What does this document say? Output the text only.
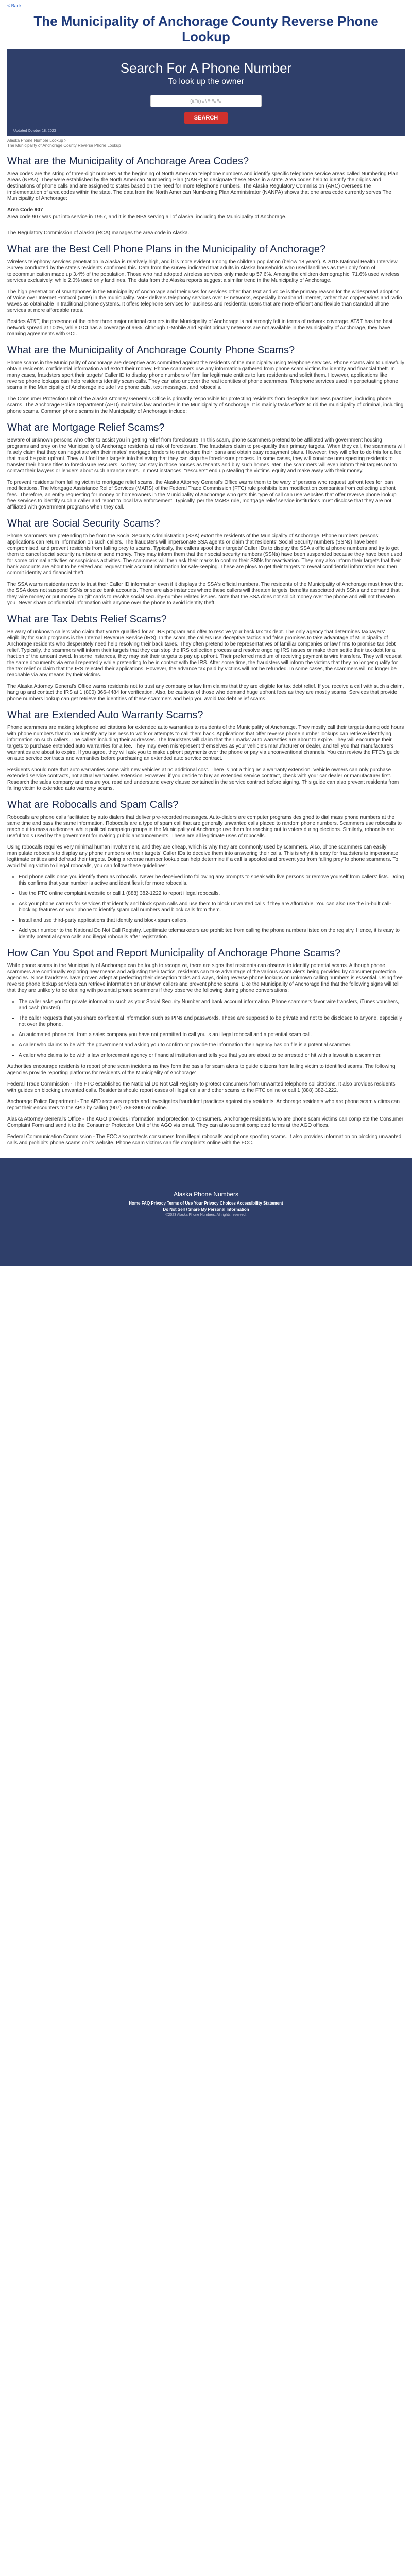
< Back
The Municipality of Anchorage County Reverse Phone Lookup
Search For A Phone Number
To look up the owner
(###) ###-####
SEARCH
Updated October 18, 2023
Alaska Phone Number Lookup >
The Municipality of Anchorage County Reverse Phone Lookup
What are the Municipality of Anchorage Area Codes?

Area codes are the string of three-digit numbers at the beginning of North American telephone numbers and identify specific telephone service areas called Numbering Plan Areas (NPAs). They were established by the North American Numbering Plan (NANP) to designate these NPAs in a state. Area codes help to identify the origins and destinations of phone calls and are assigned to states based on the need for more telephone numbers. The Alaska Regulatory Commission (ARC) oversees the implementation of area codes within the state. The data from the North American Numbering Plan Administrator (NANPA) shows that one area code currently serves The Municipality of Anchorage:

Area Code 907

Area code 907 was put into service in 1957, and it is the NPA serving all of Alaska, including the Municipality of Anchorage.

The Regulatory Commission of Alaska (RCA) manages the area code in Alaska.

What are the Best Cell Phone Plans in the Municipality of Anchorage?

Wireless telephony services penetration in Alaska is relatively high, and it is more evident among the children population (below 18 years). A 2018 National Health Interview Survey conducted by the state's residents confirmed this. Data from the survey indicated that adults in Alaska households who used landlines as their only form of telecommunication made up 3.4% of the population. Those who had adopted wireless services only made up 57.6%. Among the children demographic, 71.6% used wireless services exclusively, while 2.0% used only landlines. The data from the Alaska reports suggest a similar trend in the Municipality of Anchorage.

The high penetration of smartphones in the Municipality of Anchorage and their uses for services other than text and voice is the primary reason for the widespread adoption of Voice over Internet Protocol (VoIP) in the municipality. VoIP delivers telephony services over IP networks, especially broadband internet, rather than copper wires and radio waves as obtainable in traditional phone systems. It offers telephone services for business and residential users that are more efficient and flexible than standard phone services at more affordable rates.

Besides AT&T, the presence of the other three major national carriers in the Municipality of Anchorage is not strongly felt in terms of network coverage. AT&T has the best network spread at 100%, while GCI has a coverage of 96%. Although T-Mobile and Sprint primary networks are not available in the Municipality of Anchorage, they have roaming agreements with GCI.

What are the Municipality of Anchorage County Phone Scams?

Phone scams in the Municipality of Anchorage are deceptive acts committed against the residents of the municipality using telephone services. Phone scams aim to unlawfully obtain residents' confidential information and extort their money. Phone scammers use any information gathered from phone scam victims for identity and financial theft. In many cases, fraudsters sport their targets' Caller ID to display phone numbers of familiar legitimate entities to lure residents and solicit them. However, applications like reverse phone lookups can help residents identify scam calls. They can also uncover the real identities of phone scammers. Telephone services used in perpetuating phone scams in the Municipality of Anchorage include live phone calls, text messages, and robocalls.

The Consumer Protection Unit of the Alaska Attorney General's Office is primarily responsible for protecting residents from deceptive business practices, including phone scams. The Anchorage Police Department (APD) maintains law and order in the Municipality of Anchorage. It is mainly tasks efforts to rid the municipality of criminal, including phone scams. Common phone scams in the Municipality of Anchorage include:

What are Mortgage Relief Scams?

Beware of unknown persons who offer to assist you in getting relief from foreclosure. In this scam, phone scammers pretend to be affiliated with government housing programs and prey on the Municipality of Anchorage residents at risk of foreclosure. The fraudsters claim to pre-qualify their primary targets. When they call, the scammers will falsely claim that they can negotiate with their mates' mortgage lenders to restructure their loans and obtain easy repayment plans. However, they will offer to do this for a fee that must be paid upfront. They will fool their targets into believing that they can stop the foreclosure process. In some cases, they will convince unsuspecting residents to transfer their house titles to foreclosure rescuers, so they can stay in those houses as tenants and buy such homes later. The scammers will even inform their targets not to contact their lawyers or lenders about such arrangements. In most instances, "rescuers" end up stealing the victims' equity and make away with their money.

To prevent residents from falling victim to mortgage relief scams, the Alaska Attorney General's Office warns them to be wary of persons who request upfront fees for loan modifications. The Mortgage Assistance Relief Services (MARS) of the Federal Trade Commission (FTC) rule prohibits loan modification companies from collecting upfront fees. Therefore, an entity requesting for money or homeowners in the Municipality of Anchorage who gets this type of call can use websites that offer reverse phone lookup free services to identify such a caller and report to local law enforcement. Typically, per the MARS rule, mortgage relief service institutions must disclose that they are not affiliated with government programs when they call.

What are Social Security Scams?

Phone scammers are pretending to be from the Social Security Administration (SSA) extort the residents of the Municipality of Anchorage. Phone numbers persons' applications can return information on such callers. The fraudsters will impersonate SSA agents or claim that residents' Social Security numbers (SSNs) have been compromised, and prevent residents from falling prey to scams. Typically, the callers spoof their targets' Caller IDs to display the SSA's official phone numbers and try to get them to cancel social security numbers or send money. They may inform them that their social security numbers (SSNs) have been suspended because they have been used for some criminal activities or suspicious activities. The scammers will then ask their marks to confirm their SSNs for reactivation. They may also inform their targets that their bank accounts are about to be seized and request their account information for safe-keeping. These are ploys to get their targets to reveal confidential information and then commit identity and financial theft.

The SSA warns residents never to trust their Caller ID information even if it displays the SSA's official numbers. The residents of the Municipality of Anchorage must know that the SSA does not suspend SSNs or seize bank accounts. There are also instances where these callers will threaten targets' benefits associated with SSNs and demand that they wire money or put money on gift cards to resolve social security-number related issues. Note that the SSA does not solicit money over the phone and will not threaten you. Never share confidential information with anyone over the phone to avoid identity theft.

What are Tax Debts Relief Scams?

Be wary of unknown callers who claim that you're qualified for an IRS program and offer to resolve your back tax tax debt. The only agency that determines taxpayers' eligibility for such programs is the Internal Revenue Service (IRS). In the scam, the callers use deceptive tactics and false promises to take advantage of Municipality of Anchorage residents who desperately need help resolving their back taxes. They often pretend to be representatives of familiar companies or law firms to promise tax debt relief. Typically, the scammers will inform their targets that they can stop the IRS collection process and resolve ongoing IRS issues or make them settle their tax debt for a fraction of the amount owed. In some instances, they may ask their targets to pay up upfront. Their preferred medium of receiving payment is wire transfers. They will request the same documents via email repeatedly while pretending to be in contact with the IRS. After some time, the fraudsters will inform the victims that they no longer qualify for the tax relief or claim that the IRS rejected their applications. However, the advance tax paid by victims will not be refunded. In some cases, the scammers will no longer be reachable via any means by their victims.

The Alaska Attorney General's Office warns residents not to trust any company or law firm claims that they are eligible for tax debt relief. If you receive a call with such a claim, hang up and contact the IRS at 1 (800) 366-4484 for verification. Also, be cautious of those who demand huge upfront fees as they are mostly scams. Services that provide phone numbers lookup can get retrieve the identities of these scammers and help you avoid tax debt relief scams.

What are Extended Auto Warranty Scams?

Phone scammers are making telephone solicitations for extended auto warranties to residents of the Municipality of Anchorage. They mostly call their targets during odd hours with phone numbers that do not identify any business to work or attempts to call them back. Applications that offer reverse phone number lookups can retrieve identifying information on such callers. The callers including their addresses. The fraudsters will claim that their marks' auto warranties are about to expire. They will encourage their targets to purchase extended auto warranties for a fee. They may even misrepresent themselves as your vehicle's manufacturer or dealer, and tell you that manufacturers' warranties are about to expire. If you agree, they will ask you to make upfront payments over the phone or pay via unconventional channels. You can review the FTC's guide on auto service contracts and warranties before purchasing an extended auto service contract.

Residents should note that auto warranties come with new vehicles at no additional cost. There is not a thing as a warranty extension. Vehicle owners can only purchase extended service contracts, not actual warranties extension. However, if you decide to buy an extended service contract, check with your car dealer or manufacturer first. Research the sales company and ensure you read and understand every clause contained in the service contract before signing. This guide can also prevent residents from falling victim to extended auto warranty scams.

What are Robocalls and Spam Calls?

Robocalls are phone calls facilitated by auto dialers that deliver pre-recorded messages. Auto-dialers are computer programs designed to dial mass phone numbers at the same time and pass the same information. Robocalls are a type of spam call that are generally unwanted calls placed to random phone numbers. Scammers use robocalls to reach out to mass audiences, while political campaign groups in the Municipality of Anchorage use them for reaching out to voters during elections. Similarly, robocalls are useful tools used by the government for making public announcements. These are all legitimate uses of robocalls.

Using robocalls requires very minimal human involvement, and they are cheap, which is why they are commonly used by scammers. Also, phone scammers can easily manipulate robocalls to display any phone numbers on their targets' Caller IDs to deceive them into answering their calls. This is why it is easy for fraudsters to impersonate legitimate entities and defraud their targets. Doing a reverse number lookup can help determine if a call is spoofed and prevent you from falling prey to phone scammers. To avoid falling victim to illegal robocalls, you can follow these guidelines:

• End phone calls once you identify them as robocalls. Never be deceived into following any prompts to speak with live persons or remove yourself from callers' lists. Doing this confirms that your number is active and identifies it for more robocalls.
• Use the FTC online complaint website or call 1 (888) 382-1222 to report illegal robocalls.
• Ask your phone carriers for services that identify and block spam calls and use them to block unwanted calls if they are affordable. You can also use the in-built call-blocking features on your phone to identify spam call numbers and block calls from them.
• Install and use third-party applications that identify and block spam callers.
• Add your number to the National Do Not Call Registry. Legitimate telemarketers are prohibited from calling the phone numbers listed on the registry. Hence, it is easy to identify potential spam calls and illegal robocalls after registration.
How Can You Spot and Report Municipality of Anchorage Phone Scams?

While phone scams in the Municipality of Anchorage can be tough to recognize, there are signs that residents can observe to identify potential scams. Although phone scammers are continually exploring new means and adjusting their tactics, residents can take advantage of the various scam alerts being provided by consumer protection agencies. Since fraudsters have proven adept at perfecting their deception tricks and ways, doing reverse phone lookups on unknown calling numbers is essential. Using free reverse phone lookup services can retrieve information on unknown callers and prevent phone scams. Like the Municipality of Anchorage find that the following signs will tell that they are unlikely to be dealing with potential phone scammers if they observe the following during phone conversations:

• The caller asks you for private information such as your Social Security Number and bank account information. Phone scammers favor wire transfers, iTunes vouchers, and cash (trusted).
• The caller requests that you share confidential information such as PINs and passwords. These are supposed to be private and not to be disclosed to anyone, especially not over the phone.
• An automated phone call from a sales company you have not permitted to call you is an illegal robocall and a potential scam call.
• A caller who claims to be with the government and asking you to confirm or provide the information their agency has on file is a potential scammer.
• A caller who claims to be with a law enforcement agency or financial institution and tells you that you are about to be arrested or hit with a lawsuit is a scammer.

Authorities encourage residents to report phone scam incidents as they form the basis for scam alerts to guide citizens from falling victim to identified scams. The following agencies provide reporting platforms for residents of the Municipality of Anchorage:

Federal Trade Commission - The FTC established the National Do Not Call Registry to protect consumers from unwanted telephone solicitations. It also provides residents with guides on blocking unwanted calls. Residents should report cases of illegal calls and other scams to the FTC online or call 1 (888) 382-1222.

Anchorage Police Department - The APD receives reports and investigates fraudulent practices against city residents. Anchorage residents who are phone scam victims can report their encounters to the APD by calling (907) 786-8900 or online.

Alaska Attorney General's Office - The AGO provides information and protection to consumers. Anchorage residents who are phone scam victims can complete the Consumer Complaint Form and send it to the Consumer Protection Unit of the AGO via email. They can also submit completed forms at the AGO offices.

Federal Communication Commission - The FCC also protects consumers from illegal robocalls and phone spoofing scams. It also provides information on blocking unwanted calls and prohibits phone scams on its website. Phone scam victims can file complaints online with the FCC.

Alaska Phone Numbers
Home FAQ Privacy Terms of Use Your Privacy Choices Accessibility Statement
Do Not Sell / Share My Personal Information
©2023 Alaska Phone Numbers. All rights reserved.
